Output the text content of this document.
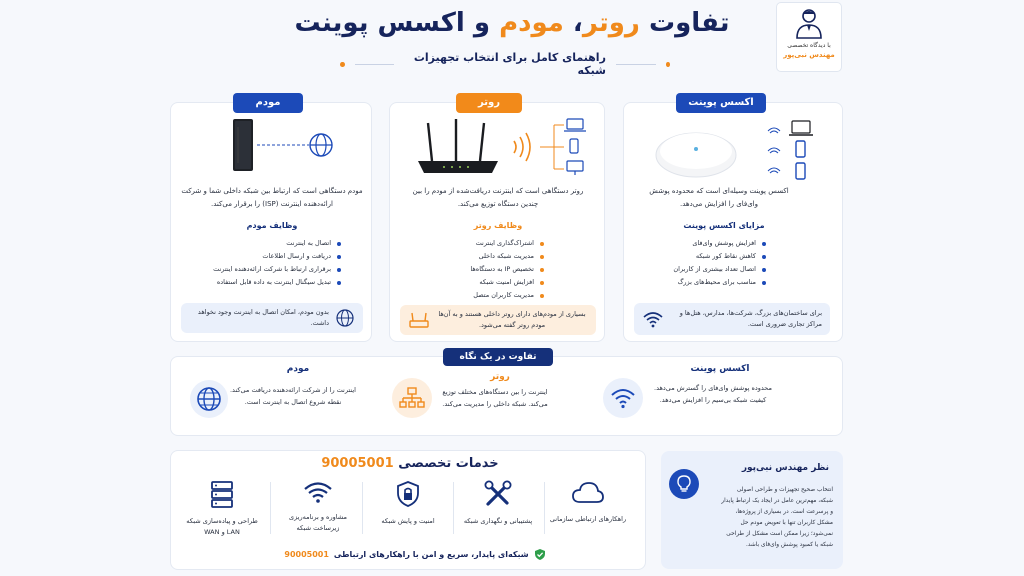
تفاوت روتر، مودم و اکسس پوینت
راهنمای کامل برای انتخاب تجهیزات شبکه
با دیدگاه تخصصی
مهندس نبی‌پور
مودم
مودم دستگاهی است که ارتباط بین شبکه داخلی شما و شرکت ارائه‌دهنده اینترنت (ISP) را برقرار می‌کند.
وظایف مودم
اتصال به اینترنت
دریافت و ارسال اطلاعات
برقراری ارتباط با شرکت ارائه‌دهنده اینترنت
تبدیل سیگنال اینترنت به داده قابل استفاده
بدون مودم، امکان اتصال به اینترنت وجود نخواهد داشت.
روتر
روتر دستگاهی است که اینترنت دریافت‌شده از مودم را بین چندین دستگاه توزیع می‌کند.
وظایف روتر
اشتراک‌گذاری اینترنت
مدیریت شبکه داخلی
تخصیص IP به دستگاه‌ها
افزایش امنیت شبکه
مدیریت کاربران متصل
بسیاری از مودم‌های دارای روتر داخلی هستند و به آن‌ها مودم روتر گفته می‌شود.
اکسس پوینت
اکسس پوینت وسیله‌ای است که محدوده پوشش وای‌فای را افزایش می‌دهد.
مزایای اکسس پوینت
افزایش پوشش وای‌فای
کاهش نقاط کور شبکه
اتصال تعداد بیشتری از کاربران
مناسب برای محیط‌های بزرگ
برای ساختمان‌های بزرگ، شرکت‌ها، مدارس، هتل‌ها و مراکز تجاری ضروری است.
تفاوت در یک نگاه
مودم
اینترنت را از شرکت ارائه‌دهنده دریافت می‌کند. نقطه شروع اتصال به اینترنت است.
روتر
اینترنت را بین دستگاه‌های مختلف توزیع می‌کند. شبکه داخلی را مدیریت می‌کند.
اکسس پوینت
محدوده پوشش وای‌فای را گسترش می‌دهد. کیفیت شبکه بی‌سیم را افزایش می‌دهد.
خدمات تخصصی 90005001
راهکارهای ارتباطی سازمانی
پشتیبانی و نگهداری شبکه
امنیت و پایش شبکه
مشاوره و برنامه‌ریزی زیرساخت شبکه
طراحی و پیاده‌سازی شبکه LAN و WAN
شبکه‌ای پایدار، سریع و امن با راهکارهای ارتباطی
90005001
نظر مهندس نبی‌پور
انتخاب صحیح تجهیزات و طراحی اصولی شبکه، مهم‌ترین عامل در ایجاد یک ارتباط پایدار و پرسرعت است. در بسیاری از پروژه‌ها، مشکل کاربران تنها با تعویض مودم حل نمی‌شود؛ زیرا ممکن است مشکل از طراحی شبکه یا کمبود پوشش وای‌فای باشد.
